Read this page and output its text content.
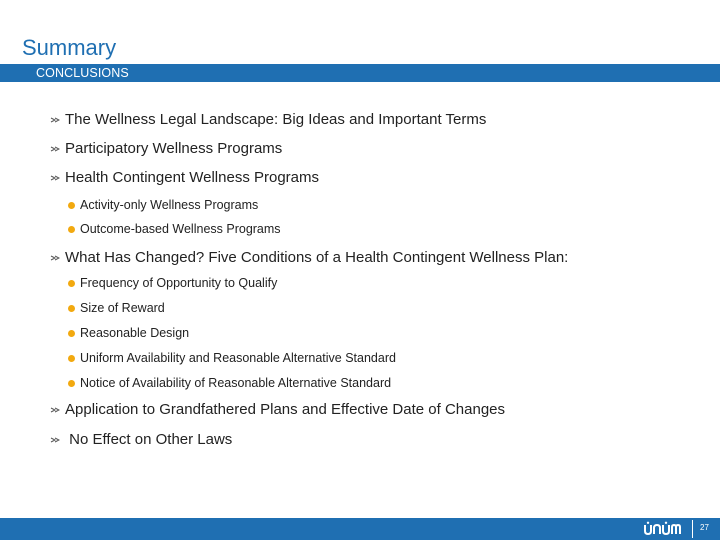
Summary
CONCLUSIONS
The Wellness Legal Landscape: Big Ideas and Important Terms
Participatory Wellness Programs
Health Contingent Wellness Programs
Activity-only Wellness Programs
Outcome-based Wellness Programs
What Has Changed? Five Conditions of a Health Contingent Wellness Plan:
Frequency of Opportunity to Qualify
Size of Reward
Reasonable Design
Uniform Availability and Reasonable Alternative Standard
Notice of Availability of Reasonable Alternative Standard
Application to Grandfathered Plans and Effective Date of Changes
No Effect on Other Laws
27
